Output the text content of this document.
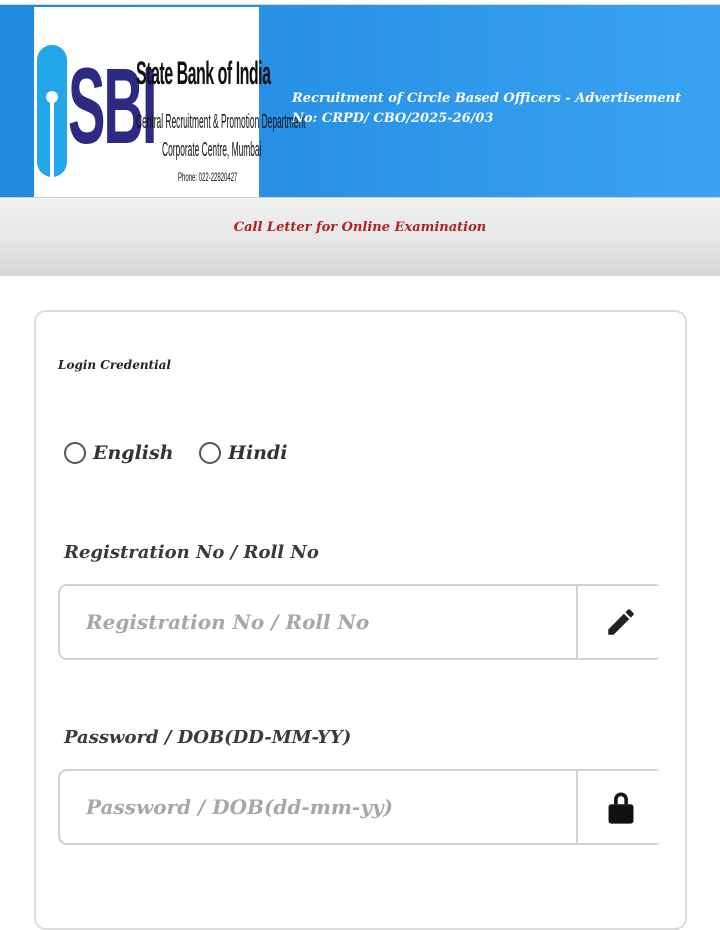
SBI
State Bank of India
Central Recruitment & Promotion Department
Corporate Centre, Mumbai
Phone: 022-22820427
Recruitment of Circle Based Officers - Advertisement
No: CRPD/ CBO/2025-26/03
Call Letter for Online Examination
Login Credential
English	Hindi
Registration No / Roll No
Registration No / Roll No
Password / DOB(DD-MM-YY)
